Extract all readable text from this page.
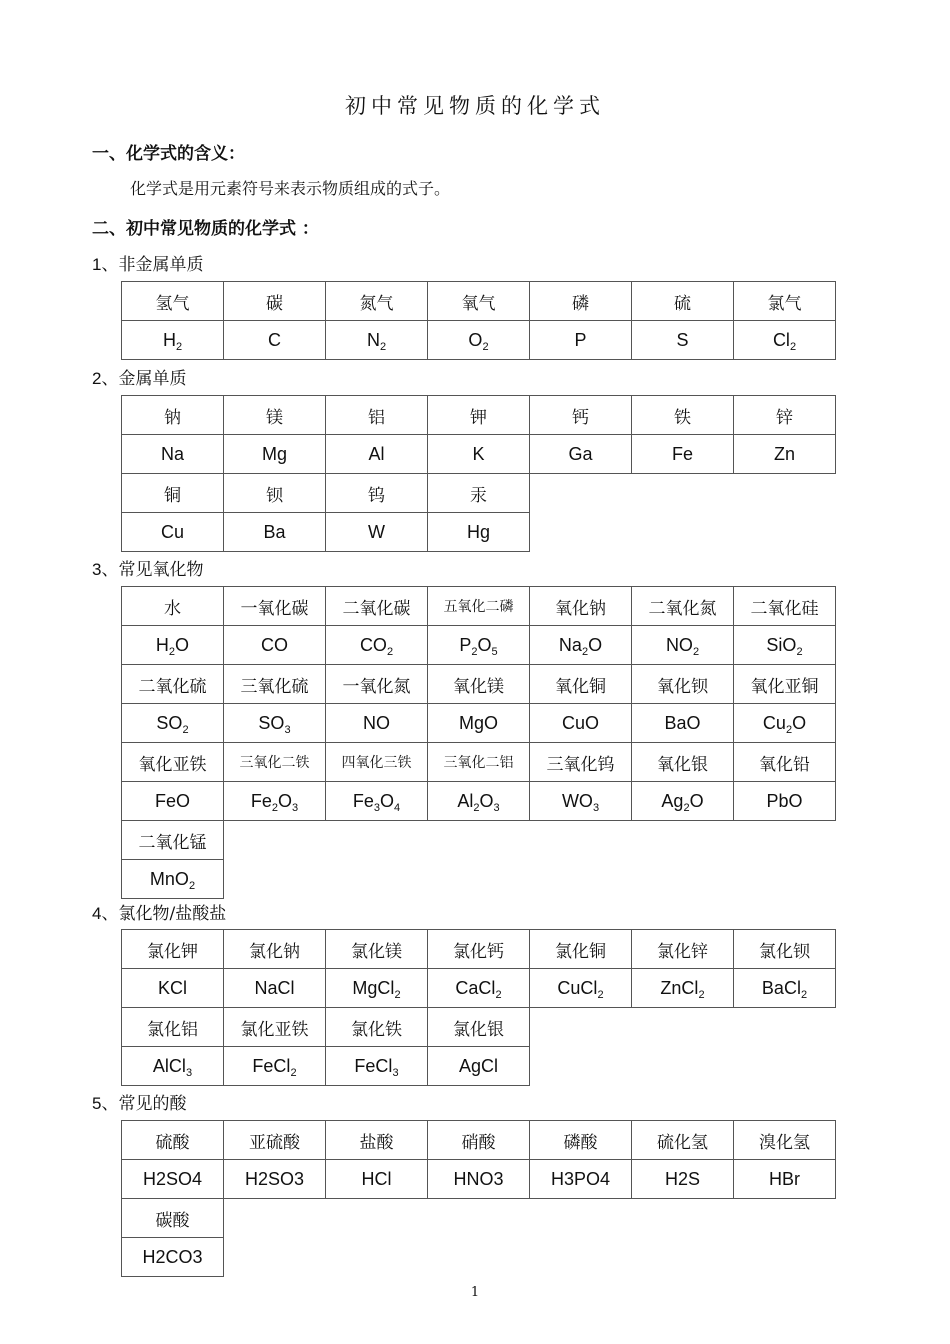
初中常见物质的化学式
一、化学式的含义：
化学式是用元素符号来表示物质组成的式子。
二、初中常见物质的化学式 ：
1、非金属单质
氢气	碳	氮气	氧气	磷	硫	氯气
$H_2$	C	$N_2$	$O_2$	P	S	$Cl_2$
2、金属单质
钠	镁	铝	钾	钙	铁	锌
Na	Mg	Al	K	Ga	Fe	Zn
铜	钡	钨	汞			
Cu	Ba	W	Hg			
3、常见氧化物
水	一氧化碳	二氧化碳	五氧化二磷	氧化钠	二氧化氮	二氧化硅
$H_2O$	CO	$CO_2$	$P_2O_5$	$Na_2O$	$NO_2$	SiO$_2$
二氧化硫	三氧化硫	一氧化氮	氧化镁	氧化铜	氧化钡	氧化亚铜
$SO_2$	$SO_3$	NO	MgO	CuO	BaO	$Cu_2O$
氧化亚铁	三氧化二铁	四氧化三铁	三氧化二铝	三氧化钨	氧化银	氧化铅
FeO	$Fe_2O_3$	$Fe_3O_4$	$Al_2O_3$	$WO_3$	$Ag_2O$	PbO
二氧化锰						
MnO$_2$						
4、氯化物/盐酸盐
氯化钾	氯化钠	氯化镁	氯化钙	氯化铜	氯化锌	氯化钡
KCl	NaCl	MgCl$_2$	CaCl$_2$	CuCl$_2$	ZnCl$_2$	BaCl$_2$
氯化铝	氯化亚铁	氯化铁	氯化银			
AlCl$_3$	FeCl$_2$	FeCl$_3$	AgCl			
5、常见的酸
硫酸	亚硫酸	盐酸	硝酸	磷酸	硫化氢	溴化氢
H2SO4	H2SO3	HCl	HNO3	H3PO4	H2S	HBr
碳酸						
H2CO3						
1
